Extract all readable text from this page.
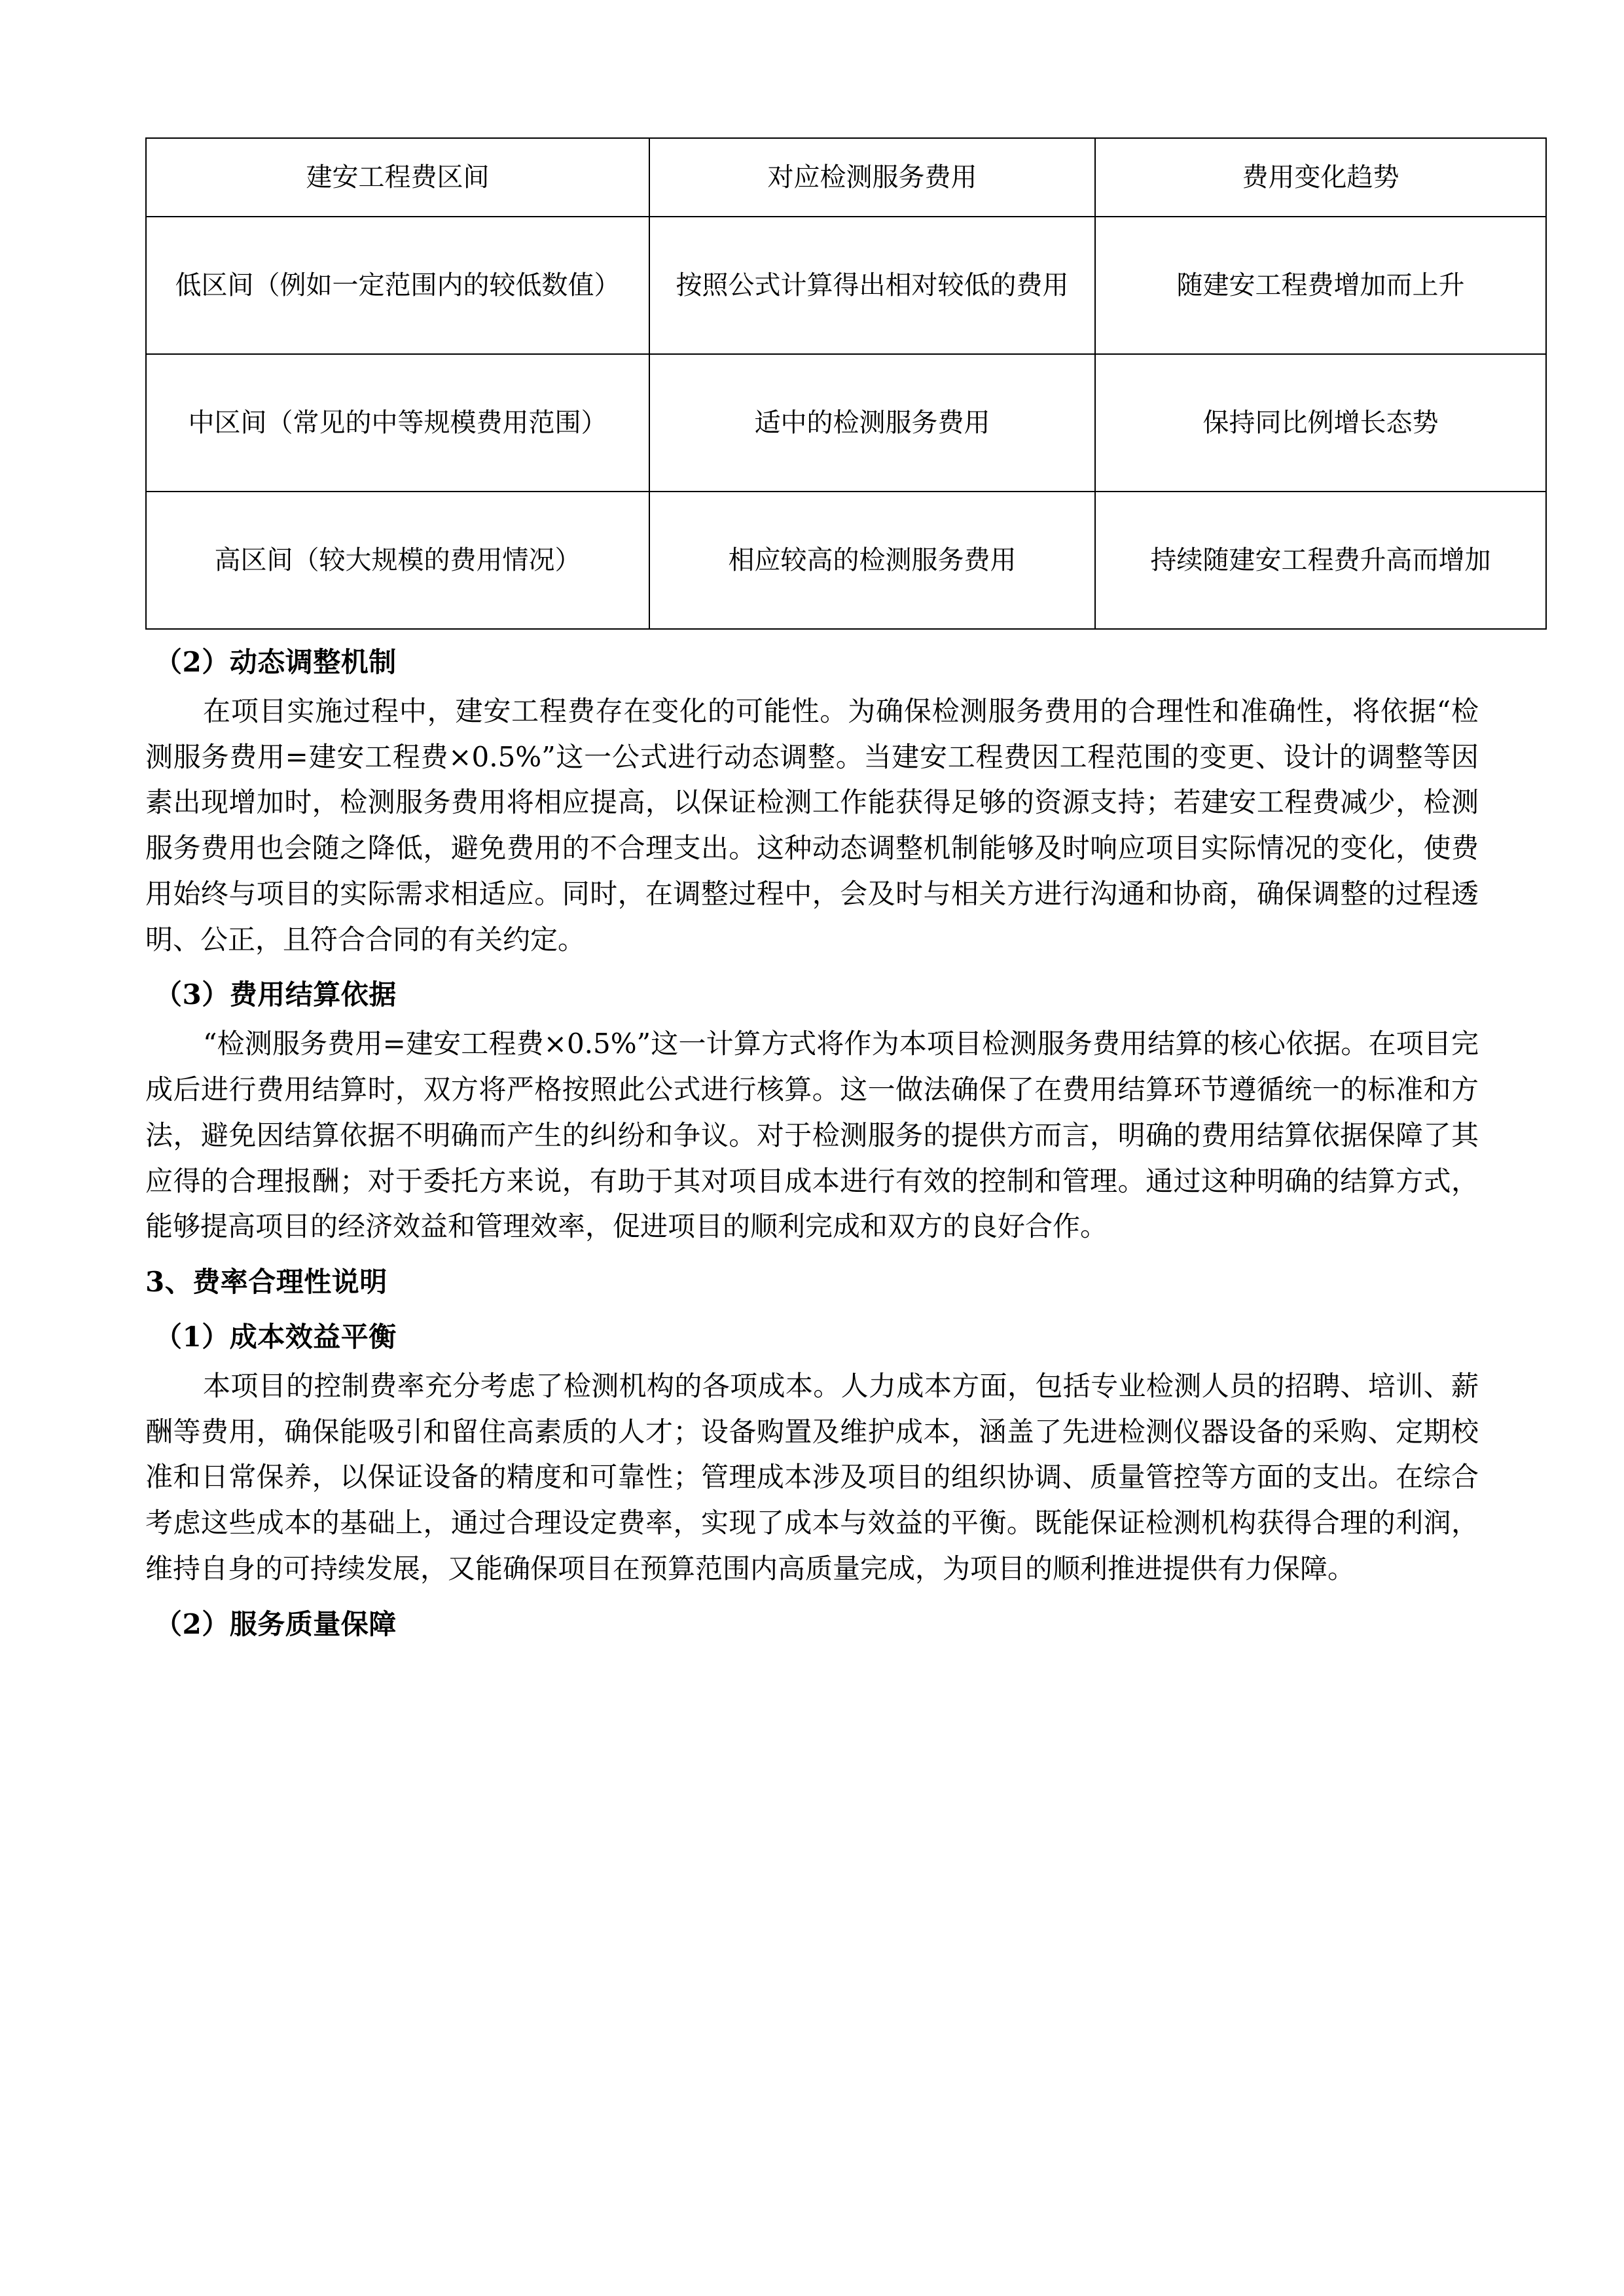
建安工程费区间	对应检测服务费用	费用变化趋势
低区间（例如一定范围内的较低数值）	按照公式计算得出相对较低的费用	随建安工程费增加而上升
中区间（常见的中等规模费用范围）	适中的检测服务费用	保持同比例增长态势
高区间（较大规模的费用情况）	相应较高的检测服务费用	持续随建安工程费升高而增加
（2）动态调整机制

在项目实施过程中，建安工程费存在变化的可能性。为确保检测服务费用的合理性和准确性，将依据“检测服务费用=建安工程费×0.5%”这一公式进行动态调整。当建安工程费因工程范围的变更、设计的调整等因素出现增加时，检测服务费用将相应提高，以保证检测工作能获得足够的资源支持；若建安工程费减少，检测服务费用也会随之降低，避免费用的不合理支出。这种动态调整机制能够及时响应项目实际情况的变化，使费用始终与项目的实际需求相适应。同时，在调整过程中，会及时与相关方进行沟通和协商，确保调整的过程透明、公正，且符合合同的有关约定。

（3）费用结算依据

“检测服务费用=建安工程费×0.5%”这一计算方式将作为本项目检测服务费用结算的核心依据。在项目完成后进行费用结算时，双方将严格按照此公式进行核算。这一做法确保了在费用结算环节遵循统一的标准和方法，避免因结算依据不明确而产生的纠纷和争议。对于检测服务的提供方而言，明确的费用结算依据保障了其应得的合理报酬；对于委托方来说，有助于其对项目成本进行有效的控制和管理。通过这种明确的结算方式，能够提高项目的经济效益和管理效率，促进项目的顺利完成和双方的良好合作。

3、费率合理性说明
（1）成本效益平衡

本项目的控制费率充分考虑了检测机构的各项成本。人力成本方面，包括专业检测人员的招聘、培训、薪酬等费用，确保能吸引和留住高素质的人才；设备购置及维护成本，涵盖了先进检测仪器设备的采购、定期校准和日常保养，以保证设备的精度和可靠性；管理成本涉及项目的组织协调、质量管控等方面的支出。在综合考虑这些成本的基础上，通过合理设定费率，实现了成本与效益的平衡。既能保证检测机构获得合理的利润，维持自身的可持续发展，又能确保项目在预算范围内高质量完成，为项目的顺利推进提供有力保障。

（2）服务质量保障
